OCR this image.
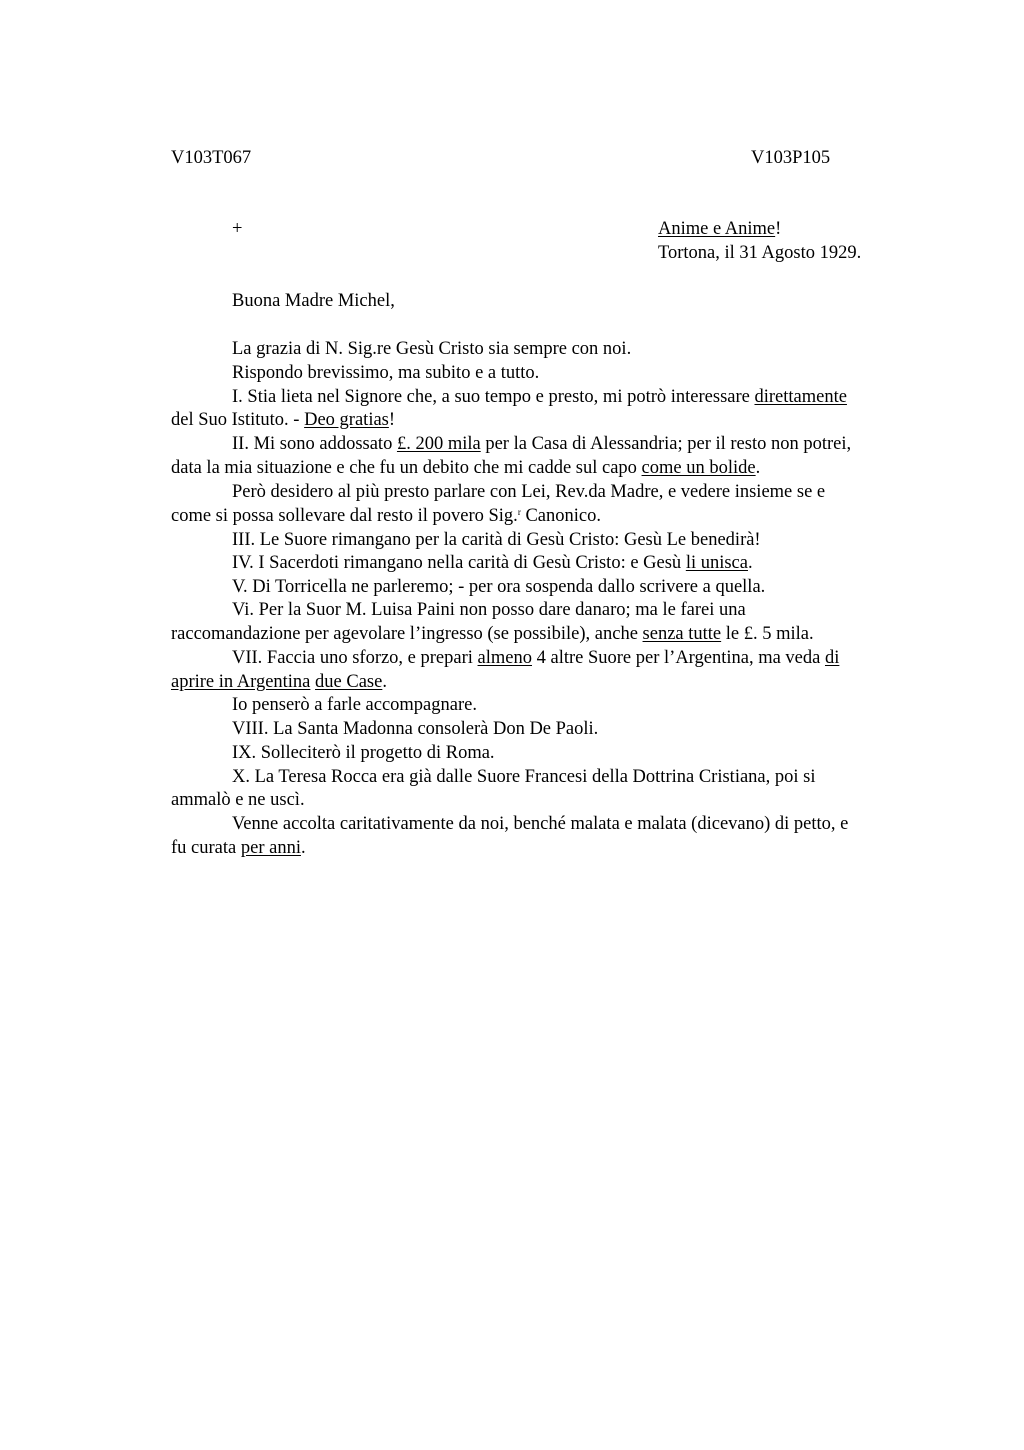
V103T067	V103P105
+	Anime e Anime!
Tortona, il 31 Agosto 1929.
Buona Madre Michel,
La grazia di N. Sig.re Gesù Cristo sia sempre con noi.
Rispondo brevissimo, ma subito e a tutto.
I. Stia lieta nel Signore che, a suo tempo e presto, mi potrò interessare direttamente
del Suo Istituto. - Deo gratias!
II. Mi sono addossato £. 200 mila per la Casa di Alessandria; per il resto non potrei,
data la mia situazione e che fu un debito che mi cadde sul capo come un bolide.
Però desidero al più presto parlare con Lei, Rev.da Madre, e vedere insieme se e
come si possa sollevare dal resto il povero Sig.$^r$ Canonico.
III. Le Suore rimangano per la carità di Gesù Cristo: Gesù Le benedirà!
IV. I Sacerdoti rimangano nella carità di Gesù Cristo: e Gesù li unisca.
V. Di Torricella ne parleremo; - per ora sospenda dallo scrivere a quella.
Vi. Per la Suor M. Luisa Paini non posso dare danaro; ma le farei una
raccomandazione per agevolare l’ingresso (se possibile), anche senza tutte le £. 5 mila.
VII. Faccia uno sforzo, e prepari almeno 4 altre Suore per l’Argentina, ma veda di
aprire in Argentina due Case.
Io penserò a farle accompagnare.
VIII. La Santa Madonna consolerà Don De Paoli.
IX. Solleciterò il progetto di Roma.
X. La Teresa Rocca era già dalle Suore Francesi della Dottrina Cristiana, poi si
ammalò e ne uscì.
Venne accolta caritativamente da noi, benché malata e malata (dicevano) di petto, e
fu curata per anni.
